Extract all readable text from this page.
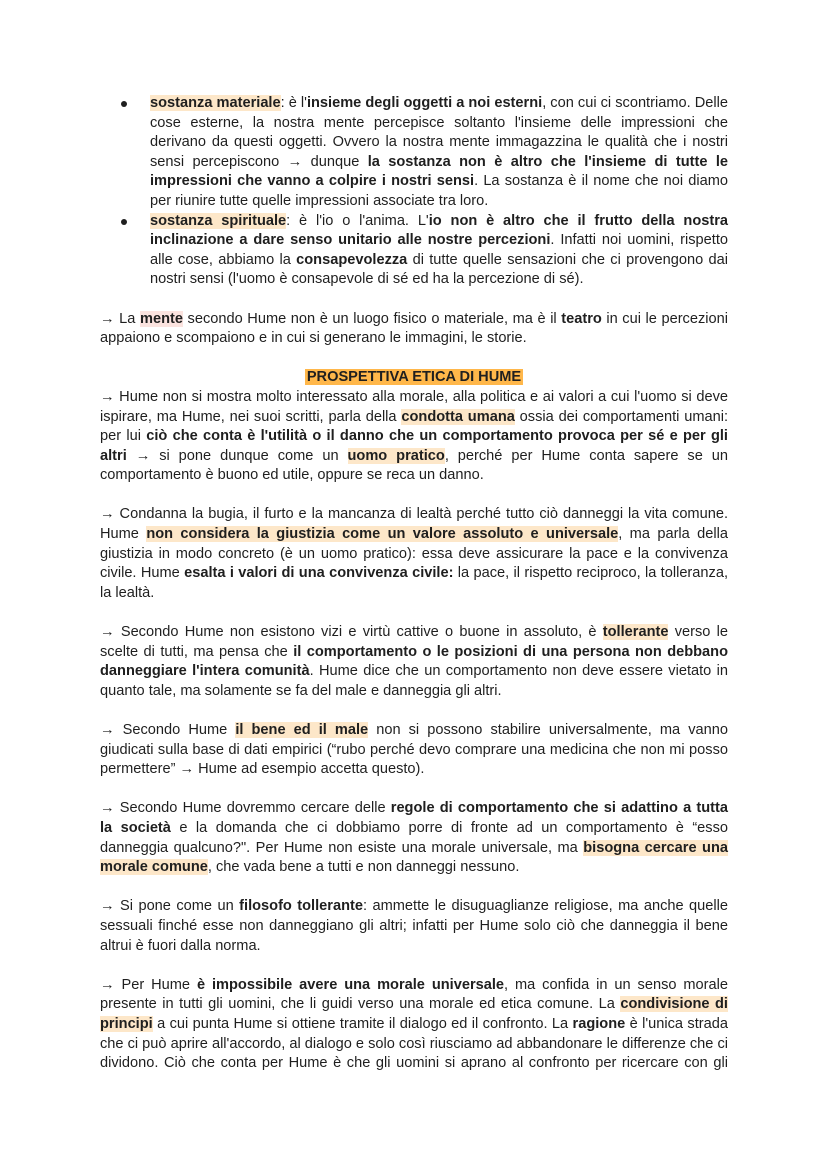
sostanza materiale: è l'insieme degli oggetti a noi esterni, con cui ci scontriamo. Delle cose esterne, la nostra mente percepisce soltanto l'insieme delle impressioni che derivano da questi oggetti. Ovvero la nostra mente immagazzina le qualità che i nostri sensi percepiscono → dunque la sostanza non è altro che l'insieme di tutte le impressioni che vanno a colpire i nostri sensi. La sostanza è il nome che noi diamo per riunire tutte quelle impressioni associate tra loro.
sostanza spirituale: è l'io o l'anima. L'io non è altro che il frutto della nostra inclinazione a dare senso unitario alle nostre percezioni. Infatti noi uomini, rispetto alle cose, abbiamo la consapevolezza di tutte quelle sensazioni che ci provengono dai nostri sensi (l'uomo è consapevole di sé ed ha la percezione di sé).

→ La mente secondo Hume non è un luogo fisico o materiale, ma è il teatro in cui le percezioni appaiono e scompaiono e in cui si generano le immagini, le storie.

PROSPETTIVA ETICA DI HUME

→ Hume non si mostra molto interessato alla morale, alla politica e ai valori a cui l'uomo si deve ispirare, ma Hume, nei suoi scritti, parla della condotta umana ossia dei comportamenti umani: per lui ciò che conta è l'utilità o il danno che un comportamento provoca per sé e per gli altri → si pone dunque come un uomo pratico, perché per Hume conta sapere se un comportamento è buono ed utile, oppure se reca un danno.

→ Condanna la bugia, il furto e la mancanza di lealtà perché tutto ciò danneggi la vita comune. Hume non considera la giustizia come un valore assoluto e universale, ma parla della giustizia in modo concreto (è un uomo pratico): essa deve assicurare la pace e la convivenza civile. Hume esalta i valori di una convivenza civile: la pace, il rispetto reciproco, la tolleranza, la lealtà.

→ Secondo Hume non esistono vizi e virtù cattive o buone in assoluto, è tollerante verso le scelte di tutti, ma pensa che il comportamento o le posizioni di una persona non debbano danneggiare l'intera comunità. Hume dice che un comportamento non deve essere vietato in quanto tale, ma solamente se fa del male e danneggia gli altri.

→ Secondo Hume il bene ed il male non si possono stabilire universalmente, ma vanno giudicati sulla base di dati empirici (“rubo perché devo comprare una medicina che non mi posso permettere” → Hume ad esempio accetta questo).

→ Secondo Hume dovremmo cercare delle regole di comportamento che si adattino a tutta la società e la domanda che ci dobbiamo porre di fronte ad un comportamento è “esso danneggia qualcuno?". Per Hume non esiste una morale universale, ma bisogna cercare una morale comune, che vada bene a tutti e non danneggi nessuno.

→ Si pone come un filosofo tollerante: ammette le disuguaglianze religiose, ma anche quelle sessuali finché esse non danneggiano gli altri; infatti per Hume solo ciò che danneggia il bene altrui è fuori dalla norma.

→ Per Hume è impossibile avere una morale universale, ma confida in un senso morale presente in tutti gli uomini, che li guidi verso una morale ed etica comune. La condivisione di principi a cui punta Hume si ottiene tramite il dialogo ed il confronto. La ragione è l'unica strada che ci può aprire all'accordo, al dialogo e solo così riusciamo ad abbandonare le differenze che ci dividono. Ciò che conta per Hume è che gli uomini si aprano al confronto per ricercare con gli
